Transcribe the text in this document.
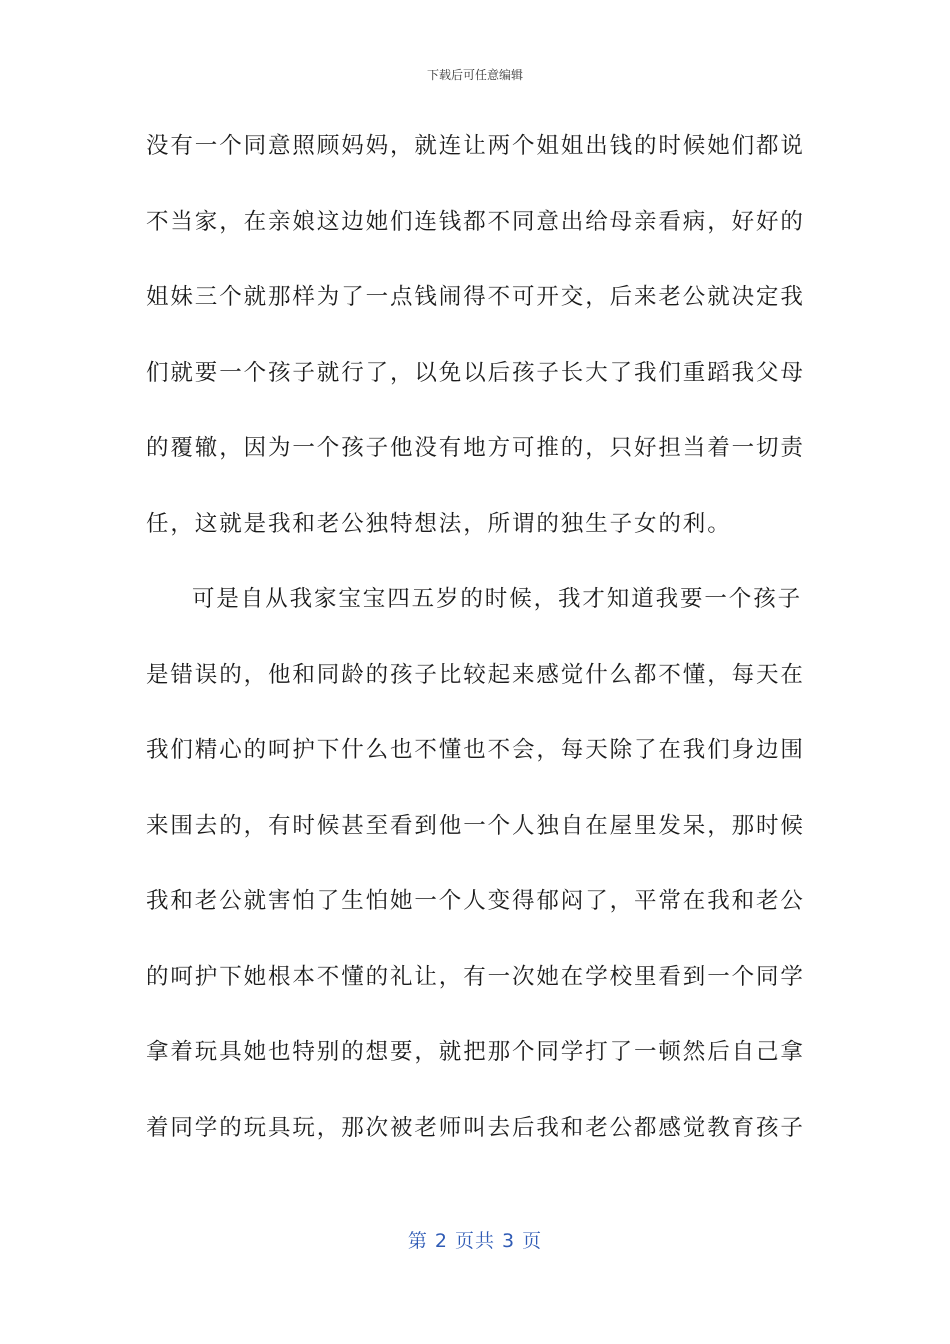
下载后可任意编辑
没有一个同意照顾妈妈，就连让两个姐姐出钱的时候她们都说
不当家，在亲娘这边她们连钱都不同意出给母亲看病，好好的
姐妹三个就那样为了一点钱闹得不可开交，后来老公就决定我
们就要一个孩子就行了，以免以后孩子长大了我们重蹈我父母
的覆辙，因为一个孩子他没有地方可推的，只好担当着一切责
任，这就是我和老公独特想法，所谓的独生子女的利。
可是自从我家宝宝四五岁的时候，我才知道我要一个孩子
是错误的，他和同龄的孩子比较起来感觉什么都不懂，每天在
我们精心的呵护下什么也不懂也不会，每天除了在我们身边围
来围去的，有时候甚至看到他一个人独自在屋里发呆，那时候
我和老公就害怕了生怕她一个人变得郁闷了，平常在我和老公
的呵护下她根本不懂的礼让，有一次她在学校里看到一个同学
拿着玩具她也特别的想要，就把那个同学打了一顿然后自己拿
着同学的玩具玩，那次被老师叫去后我和老公都感觉教育孩子
第 2 页共 3 页
